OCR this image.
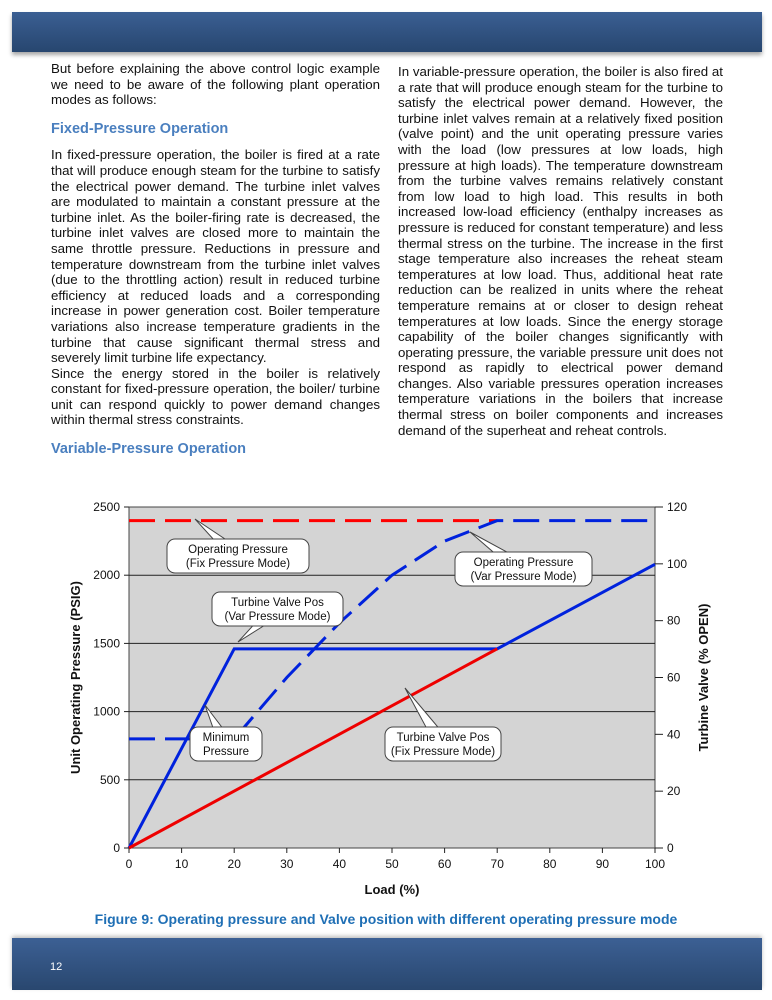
But before explaining the above control logic example we need to be aware of the following plant operation modes as follows:

Fixed-Pressure Operation

In fixed-pressure operation, the boiler is fired at a rate that will produce enough steam for the turbine to satisfy the electrical power demand. The turbine inlet valves are modulated to maintain a constant pressure at the turbine inlet. As the boiler-firing rate is decreased, the turbine inlet valves are closed more to maintain the same throttle pressure. Reductions in pressure and temperature downstream from the turbine inlet valves (due to the throttling action) result in reduced turbine efficiency at reduced loads and a corresponding increase in power generation cost. Boiler temperature variations also increase temperature gradients in the turbine that cause significant thermal stress and severely limit turbine life expectancy.

Since the energy stored in the boiler is relatively constant for fixed-pressure operation, the boiler/ turbine unit can respond quickly to power demand changes within thermal stress constraints.

Variable-Pressure Operation

In variable-pressure operation, the boiler is also fired at a rate that will produce enough steam for the turbine to satisfy the electrical power demand. However, the turbine inlet valves remain at a relatively fixed position (valve point) and the unit operating pressure varies with the load (low pressures at low loads, high pressure at high loads). The temperature downstream from the turbine valves remains relatively constant from low load to high load. This results in both increased low-load efficiency (enthalpy increases as pressure is reduced for constant temperature) and less thermal stress on the turbine. The increase in the first stage temperature also increases the reheat steam temperatures at low load. Thus, additional heat rate reduction can be realized in units where the reheat temperature remains at or closer to design reheat temperatures at low loads. Since the energy storage capability of the boiler changes significantly with operating pressure, the variable pressure unit does not respond as rapidly to electrical power demand changes. Also variable pressures operation increases temperature variations in the boilers that increase thermal stress on boiler components and increases demand of the superheat and reheat controls.

0
500
1000
1500
2000
2500
0
20
40
60
80
100
120
0	10	20	30	40	50	60	70	80	90	100
Load (%)
Unit Operating Pressure (PSIG)	Turbine Valve (% OPEN)
Operating Pressure
(Fix Pressure Mode)	Operating Pressure
(Var Pressure Mode)
Turbine Valve Pos
(Var Pressure Mode)
Minimum
Pressure
Turbine Valve Pos
(Fix Pressure Mode)
Figure 9: Operating pressure and Valve position with different operating pressure mode
12
